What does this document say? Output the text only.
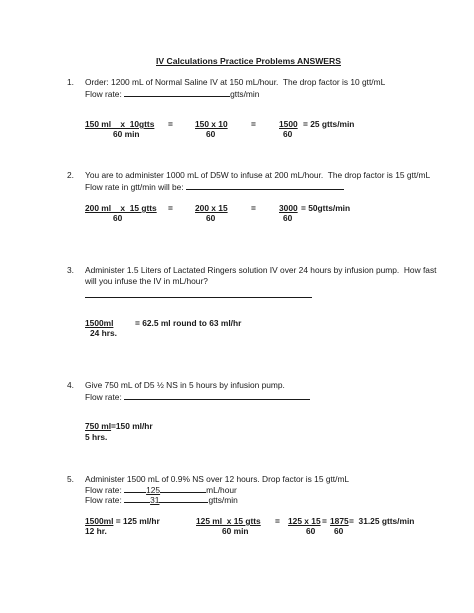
IV Calculations Practice Problems ANSWERS
1. Order: 1200 mL of Normal Saline IV at 150 mL/hour.  The drop factor is 10 gtt/mL
Flow rate:	gtts/min
150 ml    x  10gtts
60 min
=	150 x 10
60
=	1500
60
= 25 gtts/min
2. You are to administer 1000 mL of D5W to infuse at 200 mL/hour.  The drop factor is 15 gtt/mL
Flow rate in gtt/min will be:
200 ml    x  15 gtts
60
=	200 x 15
60
=	3000
60
= 50gtts/min
3. Administer 1.5 Liters of Lactated Ringers solution IV over 24 hours by infusion pump.  How fast
will you infuse the IV in mL/hour?
1500ml
24 hrs.
= 62.5 ml round to 63 ml/hr
4. Give 750 mL of D5 ½ NS in 5 hours by infusion pump.
Flow rate:
750 ml
5 hrs.
=150 ml/hr
5. Administer 1500 mL of 0.9% NS over 12 hours. Drop factor is 15 gtt/mL
Flow rate:	125	mL/hour
Flow rate:	31	gtts/min
1500ml = 125 ml/hr
12 hr.
125 ml  x 15 gtts
60 min
= 125 x 15
60
= 1875
60
=  31.25 gtts/min
